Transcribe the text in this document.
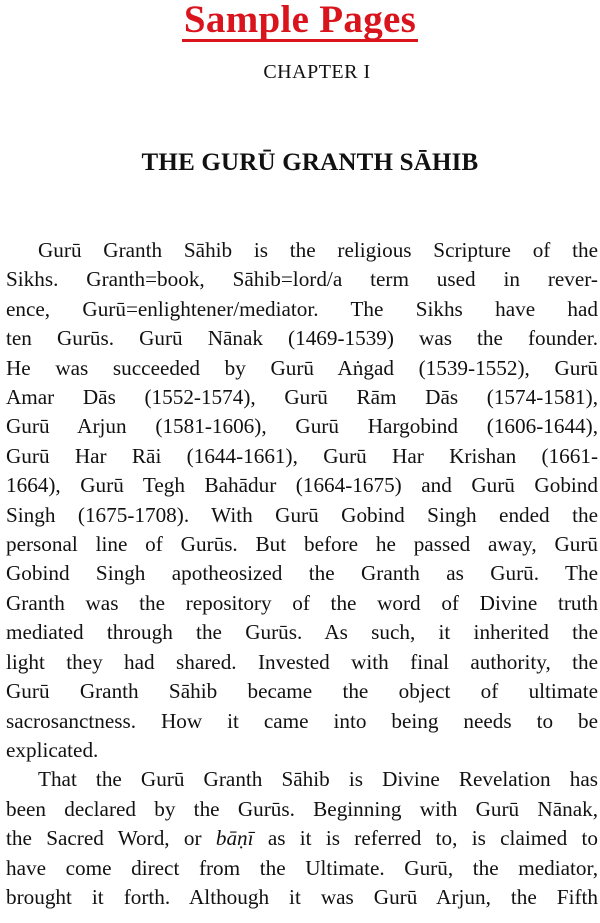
Sample Pages
CHAPTER I
THE GURŪ GRANTH SĀHIB
Gurū Granth Sāhib is the religious Scripture of the
Sikhs. Granth=book, Sāhib=lord/a term used in rever-
ence, Gurū=enlightener/mediator. The Sikhs have had
ten Gurūs. Gurū Nānak (1469-1539) was the founder.
He was succeeded by Gurū Aṅgad (1539-1552), Gurū
Amar Dās (1552-1574), Gurū Rām Dās (1574-1581),
Gurū Arjun (1581-1606), Gurū Hargobind (1606-1644),
Gurū Har Rāi (1644-1661), Gurū Har Krishan (1661-
1664), Gurū Tegh Bahādur (1664-1675) and Gurū Gobind
Singh (1675-1708). With Gurū Gobind Singh ended the
personal line of Gurūs. But before he passed away, Gurū
Gobind Singh apotheosized the Granth as Gurū. The
Granth was the repository of the word of Divine truth
mediated through the Gurūs. As such, it inherited the
light they had shared. Invested with final authority, the
Gurū Granth Sāhib became the object of ultimate
sacrosanctness. How it came into being needs to be
explicated.
That the Gurū Granth Sāhib is Divine Revelation has
been declared by the Gurūs. Beginning with Gurū Nānak,
the Sacred Word, or bāṇī as it is referred to, is claimed to
have come direct from the Ultimate. Gurū, the mediator,
brought it forth. Although it was Gurū Arjun, the Fifth
